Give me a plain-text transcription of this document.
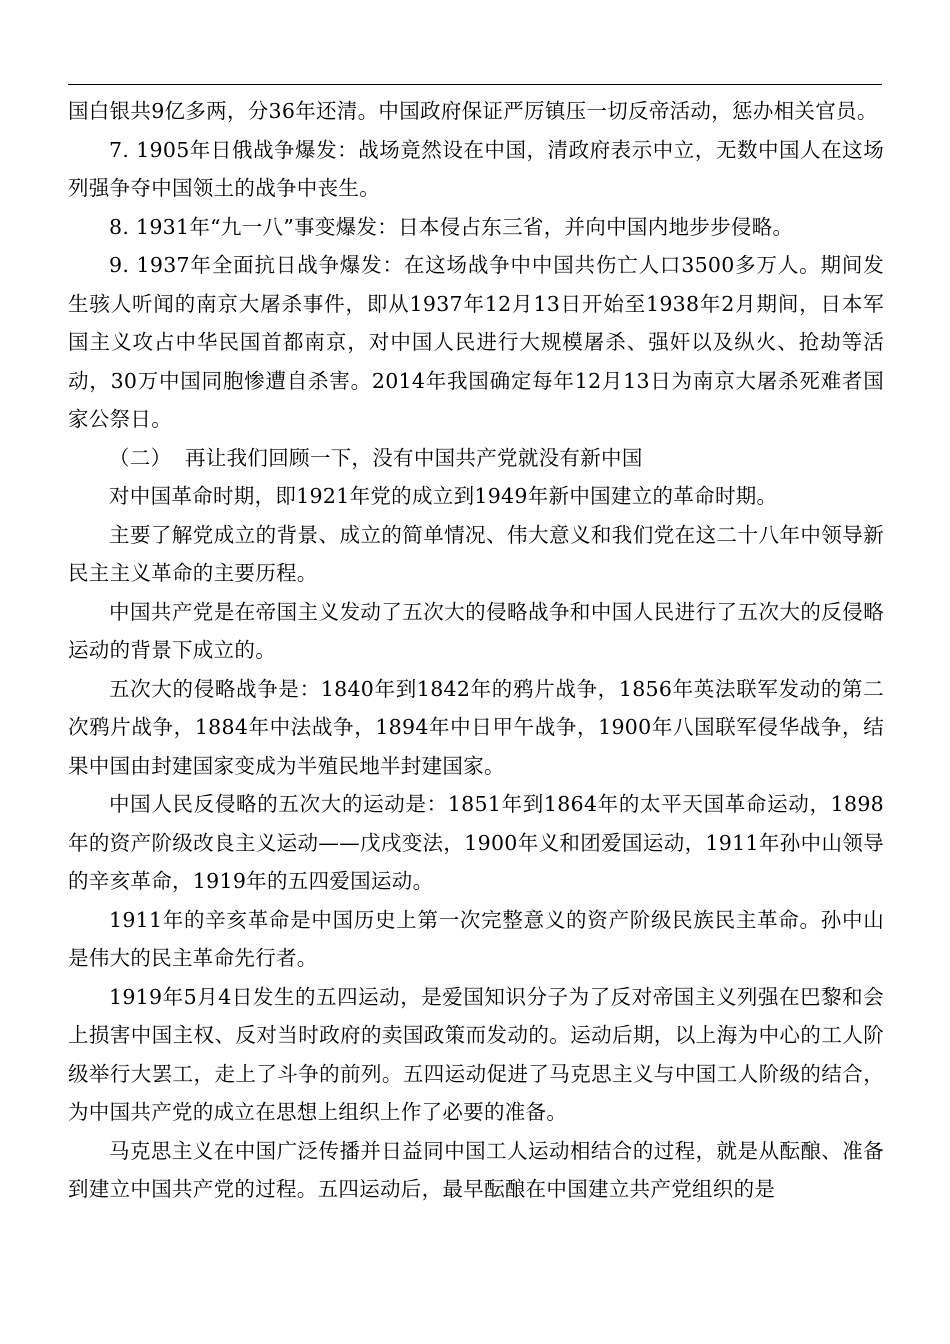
国白银共9亿多两，分36年还清。中国政府保证严厉镇压一切反帝活动，惩办相关官员。

7. 1905年日俄战争爆发：战场竟然设在中国，清政府表示中立，无数中国人在这场列强争夺中国领土的战争中丧生。

8. 1931年“九一八”事变爆发：日本侵占东三省，并向中国内地步步侵略。

9. 1937年全面抗日战争爆发：在这场战争中中国共伤亡人口3500多万人。期间发生骇人听闻的南京大屠杀事件，即从1937年12月13日开始至1938年2月期间，日本军国主义攻占中华民国首都南京，对中国人民进行大规模屠杀、强奸以及纵火、抢劫等活动，30万中国同胞惨遭自杀害。2014年我国确定每年12月13日为南京大屠杀死难者国家公祭日。

（二）  再让我们回顾一下，没有中国共产党就没有新中国

对中国革命时期，即1921年党的成立到1949年新中国建立的革命时期。

主要了解党成立的背景、成立的简单情况、伟大意义和我们党在这二十八年中领导新民主主义革命的主要历程。

中国共产党是在帝国主义发动了五次大的侵略战争和中国人民进行了五次大的反侵略运动的背景下成立的。

五次大的侵略战争是：1840年到1842年的鸦片战争，1856年英法联军发动的第二次鸦片战争，1884年中法战争，1894年中日甲午战争，1900年八国联军侵华战争，结果中国由封建国家变成为半殖民地半封建国家。

中国人民反侵略的五次大的运动是：1851年到1864年的太平天国革命运动，1898年的资产阶级改良主义运动——戊戌变法，1900年义和团爱国运动，1911年孙中山领导的辛亥革命，1919年的五四爱国运动。

1911年的辛亥革命是中国历史上第一次完整意义的资产阶级民族民主革命。孙中山是伟大的民主革命先行者。

1919年5月4日发生的五四运动，是爱国知识分子为了反对帝国主义列强在巴黎和会上损害中国主权、反对当时政府的卖国政策而发动的。运动后期，以上海为中心的工人阶级举行大罢工，走上了斗争的前列。五四运动促进了马克思主义与中国工人阶级的结合，为中国共产党的成立在思想上组织上作了必要的准备。

马克思主义在中国广泛传播并日益同中国工人运动相结合的过程，就是从酝酿、准备到建立中国共产党的过程。五四运动后，最早酝酿在中国建立共产党组织的是
